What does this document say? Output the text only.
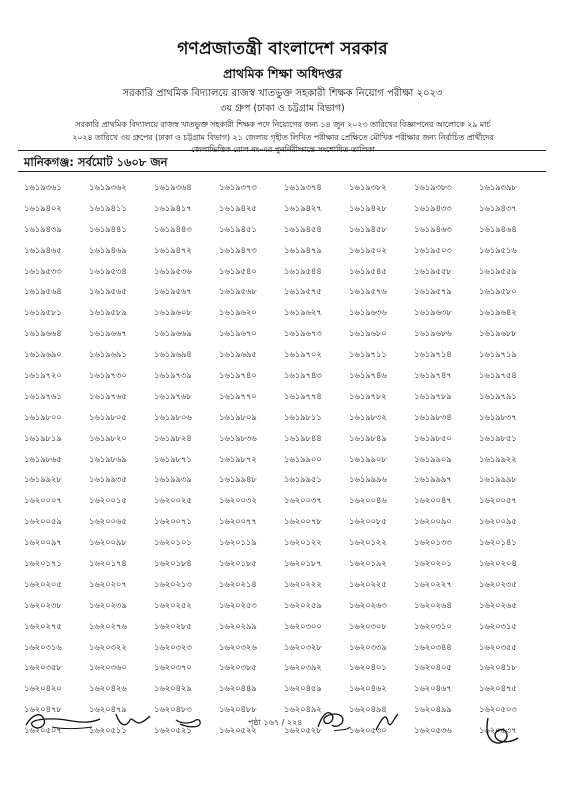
গণপ্রজাতন্ত্রী বাংলাদেশ সরকার
প্রাথমিক শিক্ষা অধিদপ্তর
সরকারি প্রাথমিক বিদ্যালয়ে রাজস্ব খাতভুক্ত সহকারী শিক্ষক নিয়োগ পরীক্ষা ২০২৩
৩য় গ্রুপ (ঢাকা ও চট্টগ্রাম বিভাগ)
সরকারি প্রাথমিক বিদ্যালয়ে রাজস্ব খাতভুক্ত সহকারী শিক্ষক পদে নিয়োগের জন্য ১৪ জুন ২০২৩ তারিখের বিজ্ঞাপনের আলোকে ২৯ মার্চ
২০২৪ তারিখে ৩য় গ্রুপের (ঢাকা ও চট্টগ্রাম বিভাগ) ২১ জেলায় গৃহীত লিখিত পরীক্ষার প্রেক্ষিতে মৌখিক পরীক্ষার জন্য নির্বাচিত প্রার্থীদের
জেলাভিত্তিক রোল নং-এর পুনর্নিরীক্ষান্তে সংশোধিত তালিকা
মানিকগঞ্জ: সর্বমোট ১৬০৮ জন
১৬১৯৩৬১	১৬১৯৩৬২	১৬১৯৩৬৪	১৬১৯৩৭৩	১৬১৯৩৭৪	১৬১৯৩৮২	১৬১৯৩৮৩	১৬১৯৩৯৮
১৬১৯৪০২	১৬১৯৪১১	১৬১৯৪১৭	১৬১৯৪২৫	১৬১৯৪২৭	১৬১৯৪২৮	১৬১৯৪৩৩	১৬১৯৪৩৭
১৬১৯৪৩৯	১৬১৯৪৪১	১৬১৯৪৪৩	১৬১৯৪৫১	১৬১৯৪৫৪	১৬১৯৪৫৮	১৬১৯৪৬৩	১৬১৯৪৬৪
১৬১৯৪৬৫	১৬১৯৪৬৯	১৬১৯৪৭২	১৬১৯৪৭৩	১৬১৯৪৭৯	১৬১৯৫০২	১৬১৯৫০৩	১৬১৯৫১৬
১৬১৯৫৩৩	১৬১৯৫৩৪	১৬১৯৫৩৬	১৬১৯৫৪০	১৬১৯৫৪৪	১৬১৯৫৪৫	১৬১৯৫৫৮	১৬১৯৫৫৯
১৬১৯৫৬৪	১৬১৯৫৬৫	১৬১৯৫৬৭	১৬১৯৫৬৮	১৬১৯৫৭৫	১৬১৯৫৭৬	১৬১৯৫৭৯	১৬১৯৫৮০
১৬১৯৫৮১	১৬১৯৫৮৯	১৬১৯৬০৮	১৬১৯৬২০	১৬১৯৬২৭	১৬১৯৬৩৬	১৬১৯৬৩৮	১৬১৯৬৪২
১৬১৯৬৬৪	১৬১৯৬৬৭	১৬১৯৬৬৯	১৬১৯৬৭০	১৬১৯৬৭৩	১৬১৯৬৮০	১৬১৯৬৮৬	১৬১৯৬৮৮
১৬১৯৬৯০	১৬১৯৬৯১	১৬১৯৬৯৪	১৬১৯৬৯৫	১৬১৯৭০২	১৬১৯৭১১	১৬১৯৭১৪	১৬১৯৭১৯
১৬১৯৭২০	১৬১৯৭৩০	১৬১৯৭৩৯	১৬১৯৭৪০	১৬১৯৭৪৩	১৬১৯৭৪৬	১৬১৯৭৪৭	১৬১৯৭৫৪
১৬১৯৭৬১	১৬১৯৭৬৫	১৬১৯৭৬৮	১৬১৯৭৭০	১৬১৯৭৭৪	১৬১৯৭৮২	১৬১৯৭৮৯	১৬১৯৭৯১
১৬১৯৮০০	১৬১৯৮০৫	১৬১৯৮০৬	১৬১৯৮০৯	১৬১৯৮১১	১৬১৯৮৩২	১৬১৯৮৩৪	১৬১৯৮৩৭
১৬১৯৮১৯	১৬১৯৮২০	১৬১৯৮২৪	১৬১৯৮৩৬	১৬১৯৮৪৪	১৬১৯৮৪৯	১৬১৯৮৫০	১৬১৯৮৫১
১৬১৯৮৬৫	১৬১৯৮৬৯	১৬১৯৮৭১	১৬১৯৮৭২	১৬১৯৯০০	১৬১৯৯০৮	১৬১৯৯০৯	১৬১৯৯২২
১৬১৯৯২৮	১৬১৯৯৩৫	১৬১৯৯৩৯	১৬১৯৯৪৮	১৬১৯৯৫১	১৬১৯৯৯৬	১৬১৯৯৯৭	১৬১৯৯৯৮
১৬২০০০৭	১৬২০০১৫	১৬২০০২৫	১৬২০০৩২	১৬২০০৩৭	১৬২০০৪৬	১৬২০০৪৭	১৬২০০৫৭
১৬২০০৫৯	১৬২০০৬৫	১৬২০০৭১	১৬২০০৭৭	১৬২০০৭৮	১৬২০০৮৫	১৬২০০৯০	১৬২০০৯৫
১৬২০০৯৭	১৬২০০৯৮	১৬২০১০১	১৬২০১১৯	১৬২০১২২	১৬২০১২২	১৬২০১৩৩	১৬২০১৪১
১৬২০১৭১	১৬২০১৭৪	১৬২০১৮৪	১৬২০১৮৫	১৬২০১৮৭	১৬২০১৯২	১৬২০২০১	১৬২০২০৪
১৬২০২০৫	১৬২০২০৭	১৬২০২১৩	১৬২০২১৪	১৬২০২২২	১৬২০২২৫	১৬২০২২৭	১৬২০২৩৫
১৬২০২৩৮	১৬২০২৩৯	১৬২০২৫২	১৬২০২৫৩	১৬২০২৫৯	১৬২০২৬৩	১৬২০২৬৪	১৬২০২৬৫
১৬২০২৭৫	১৬২০২৭৬	১৬২০২৮৫	১৬২০২৯৯	১৬২০৩০০	১৬২০৩০৮	১৬২০৩১০	১৬২০৩১৫
১৬২০৩১৬	১৬২০৩২২	১৬২০৩২৩	১৬২০৩২৬	১৬২০৩২৮	১৬২০৩৩৯	১৬২০৩৪৪	১৬২০৩৫৫
১৬২০৩৫৮	১৬২০৩৬০	১৬২০৩৭০	১৬২০৩৮৫	১৬২০৩৯২	১৬২০৪০১	১৬২০৪০৫	১৬২০৪১৮
১৬২০৪২০	১৬২০৪২৬	১৬২০৪২৯	১৬২০৪৪৯	১৬২০৪৫৯	১৬২০৪৬২	১৬২০৪৬৭	১৬২০৪৭৫
১৬২০৪৭৮	১৬২০৪৭৯	১৬২০৪৮৩	১৬২০৪৮৮	১৬২০৪৯২	১৬২০৪৯৪	১৬২০৪৯৯	১৬২০৫০৩
১৬২০৫০৭	১৬২০৫১১	১৬২০৫২১	১৬২০৫২২	১৬২০৫২৮	১৬২০৫৩০	১৬২০৫৩৬	১৬২০৫৩৭
পৃষ্ঠা ১৬৭ / ২২৪
